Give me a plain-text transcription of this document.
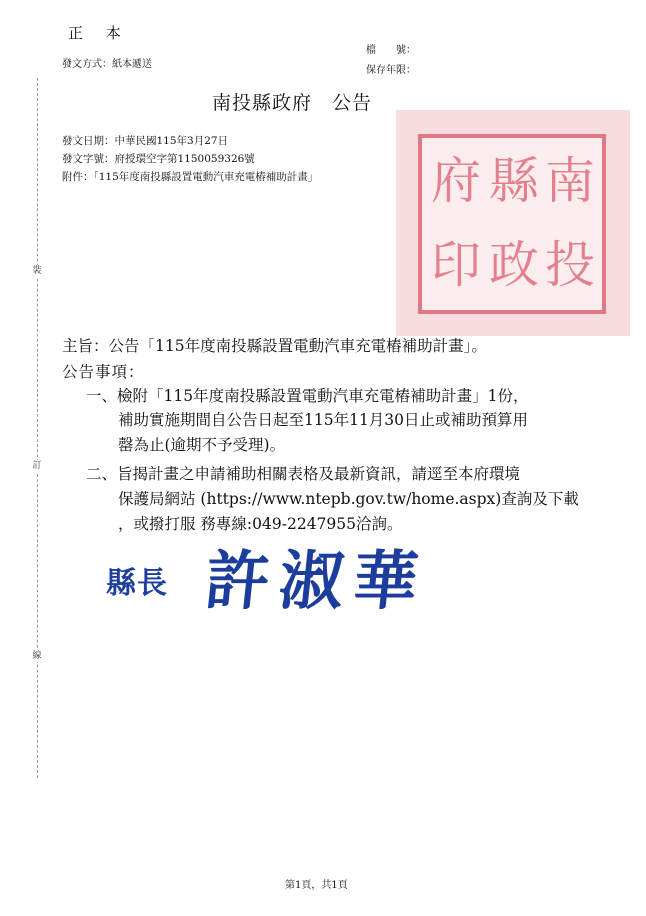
裝
訂
線
正 本
發文方式：紙本遞送
檔　　號：
保存年限：
南投縣政府　公告
發文日期：中華民國115年3月27日
發文字號：府授環空字第1150059326號
附件：「115年度南投縣設置電動汽車充電樁補助計畫」	南
縣
府
投
政
印
主旨：公告「115年度南投縣設置電動汽車充電樁補助計畫」。
公告事項：
一、檢附「115年度南投縣設置電動汽車充電樁補助計畫」1份，
補助實施期間自公告日起至115年11月30日止或補助預算用
罄為止(逾期不予受理)。
二、旨揭計畫之申請補助相關表格及最新資訊，請逕至本府環境
保護局網站 (https://www.ntepb.gov.tw/home.aspx)查詢及下載
，或撥打服 務專線:049-2247955洽詢。
縣長 許淑華
第1頁，共1頁
